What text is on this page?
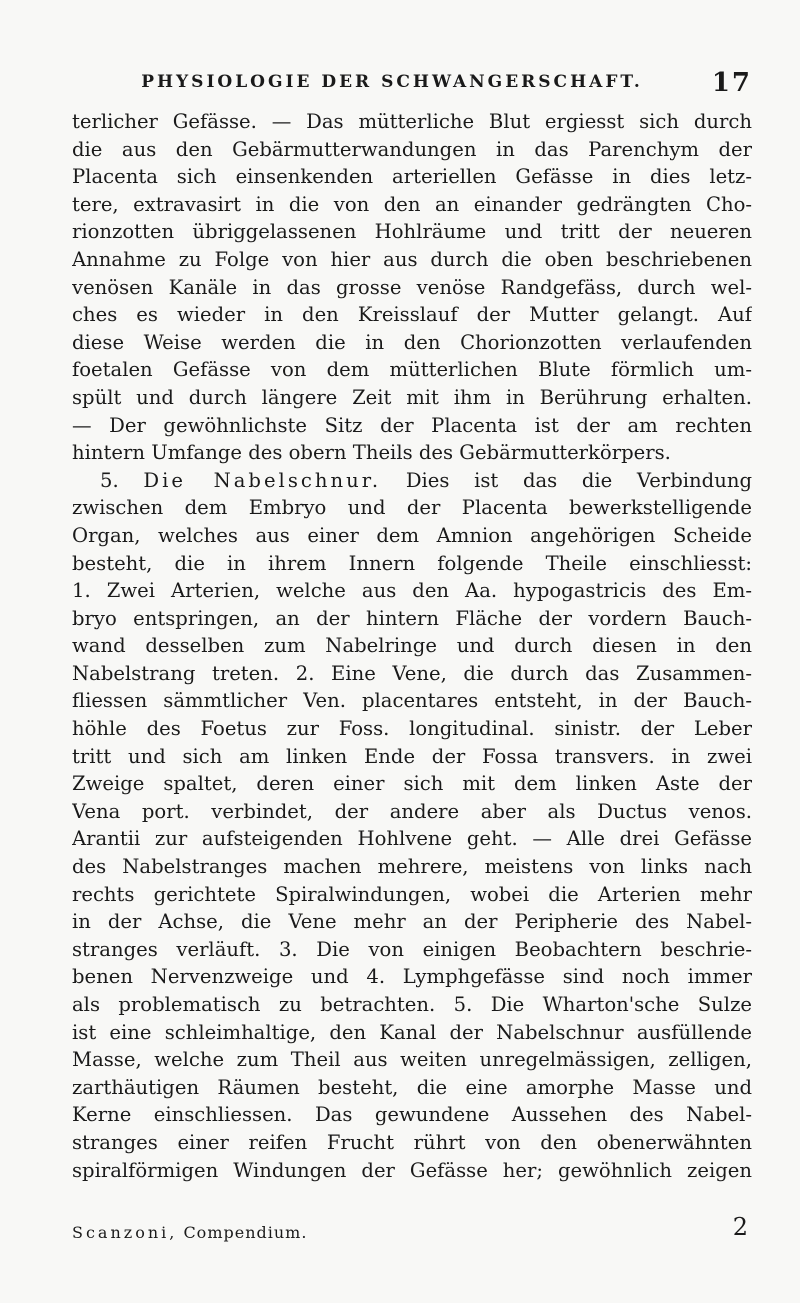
PHYSIOLOGIE DER SCHWANGERSCHAFT.	17
terlicher Gefässe. — Das mütterliche Blut ergiesst sich durch
die aus den Gebärmutterwandungen in das Parenchym der
Placenta sich einsenkenden arteriellen Gefässe in dies letz-
tere, extravasirt in die von den an einander gedrängten Cho-
rionzotten übriggelassenen Hohlräume und tritt der neueren
Annahme zu Folge von hier aus durch die oben beschriebenen
venösen Kanäle in das grosse venöse Randgefäss, durch wel-
ches es wieder in den Kreisslauf der Mutter gelangt. Auf
diese Weise werden die in den Chorionzotten verlaufenden
foetalen Gefässe von dem mütterlichen Blute förmlich um-
spült und durch längere Zeit mit ihm in Berührung erhalten.
— Der gewöhnlichste Sitz der Placenta ist der am rechten
hintern Umfange des obern Theils des Gebärmutterkörpers.
5. Die Nabelschnur. Dies ist das die Verbindung
zwischen dem Embryo und der Placenta bewerkstelligende
Organ, welches aus einer dem Amnion angehörigen Scheide
besteht, die in ihrem Innern folgende Theile einschliesst:
1. Zwei Arterien, welche aus den Aa. hypogastricis des Em-
bryo entspringen, an der hintern Fläche der vordern Bauch-
wand desselben zum Nabelringe und durch diesen in den
Nabelstrang treten. 2. Eine Vene, die durch das Zusammen-
fliessen sämmtlicher Ven. placentares entsteht, in der Bauch-
höhle des Foetus zur Foss. longitudinal. sinistr. der Leber
tritt und sich am linken Ende der Fossa transvers. in zwei
Zweige spaltet, deren einer sich mit dem linken Aste der
Vena port. verbindet, der andere aber als Ductus venos.
Arantii zur aufsteigenden Hohlvene geht. — Alle drei Gefässe
des Nabelstranges machen mehrere, meistens von links nach
rechts gerichtete Spiralwindungen, wobei die Arterien mehr
in der Achse, die Vene mehr an der Peripherie des Nabel-
stranges verläuft. 3. Die von einigen Beobachtern beschrie-
benen Nervenzweige und 4. Lymphgefässe sind noch immer
als problematisch zu betrachten. 5. Die Wharton'sche Sulze
ist eine schleimhaltige, den Kanal der Nabelschnur ausfüllende
Masse, welche zum Theil aus weiten unregelmässigen, zelligen,
zarthäutigen Räumen besteht, die eine amorphe Masse und
Kerne einschliessen. Das gewundene Aussehen des Nabel-
stranges einer reifen Frucht rührt von den obenerwähnten
spiralförmigen Windungen der Gefässe her; gewöhnlich zeigen
Scanzoni, Compendium.	2
